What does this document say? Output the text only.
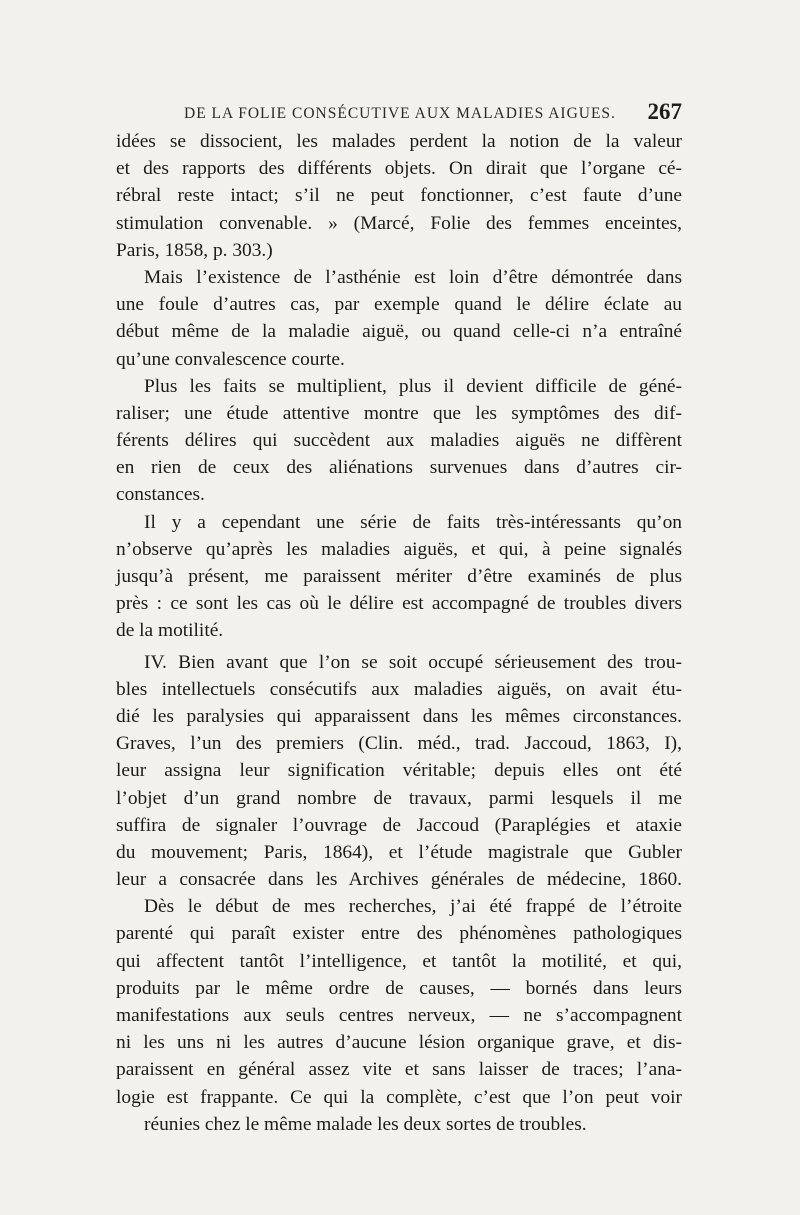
DE LA FOLIE CONSÉCUTIVE AUX MALADIES AIGUES. 267
idées se dissocient, les malades perdent la notion de la valeur
et des rapports des différents objets. On dirait que l’organe cé-
rébral reste intact; s’il ne peut fonctionner, c’est faute d’une
stimulation convenable. » (Marcé, Folie des femmes enceintes,
Paris, 1858, p. 303.)
Mais l’existence de l’asthénie est loin d’être démontrée dans
une foule d’autres cas, par exemple quand le délire éclate au
début même de la maladie aiguë, ou quand celle-ci n’a entraîné
qu’une convalescence courte.
Plus les faits se multiplient, plus il devient difficile de géné-
raliser; une étude attentive montre que les symptômes des dif-
férents délires qui succèdent aux maladies aiguës ne diffèrent
en rien de ceux des aliénations survenues dans d’autres cir-
constances.
Il y a cependant une série de faits très-intéressants qu’on
n’observe qu’après les maladies aiguës, et qui, à peine signalés
jusqu’à présent, me paraissent mériter d’être examinés de plus
près : ce sont les cas où le délire est accompagné de troubles divers
de la motilité.
IV. Bien avant que l’on se soit occupé sérieusement des trou-
bles intellectuels consécutifs aux maladies aiguës, on avait étu-
dié les paralysies qui apparaissent dans les mêmes circonstances.
Graves, l’un des premiers (Clin. méd., trad. Jaccoud, 1863, I),
leur assigna leur signification véritable; depuis elles ont été
l’objet d’un grand nombre de travaux, parmi lesquels il me
suffira de signaler l’ouvrage de Jaccoud (Paraplégies et ataxie
du mouvement; Paris, 1864), et l’étude magistrale que Gubler
leur a consacrée dans les Archives générales de médecine, 1860.
Dès le début de mes recherches, j’ai été frappé de l’étroite
parenté qui paraît exister entre des phénomènes pathologiques
qui affectent tantôt l’intelligence, et tantôt la motilité, et qui,
produits par le même ordre de causes, — bornés dans leurs
manifestations aux seuls centres nerveux, — ne s’accompagnent
ni les uns ni les autres d’aucune lésion organique grave, et dis-
paraissent en général assez vite et sans laisser de traces; l’ana-
logie est frappante. Ce qui la complète, c’est que l’on peut voir
réunies chez le même malade les deux sortes de troubles.
